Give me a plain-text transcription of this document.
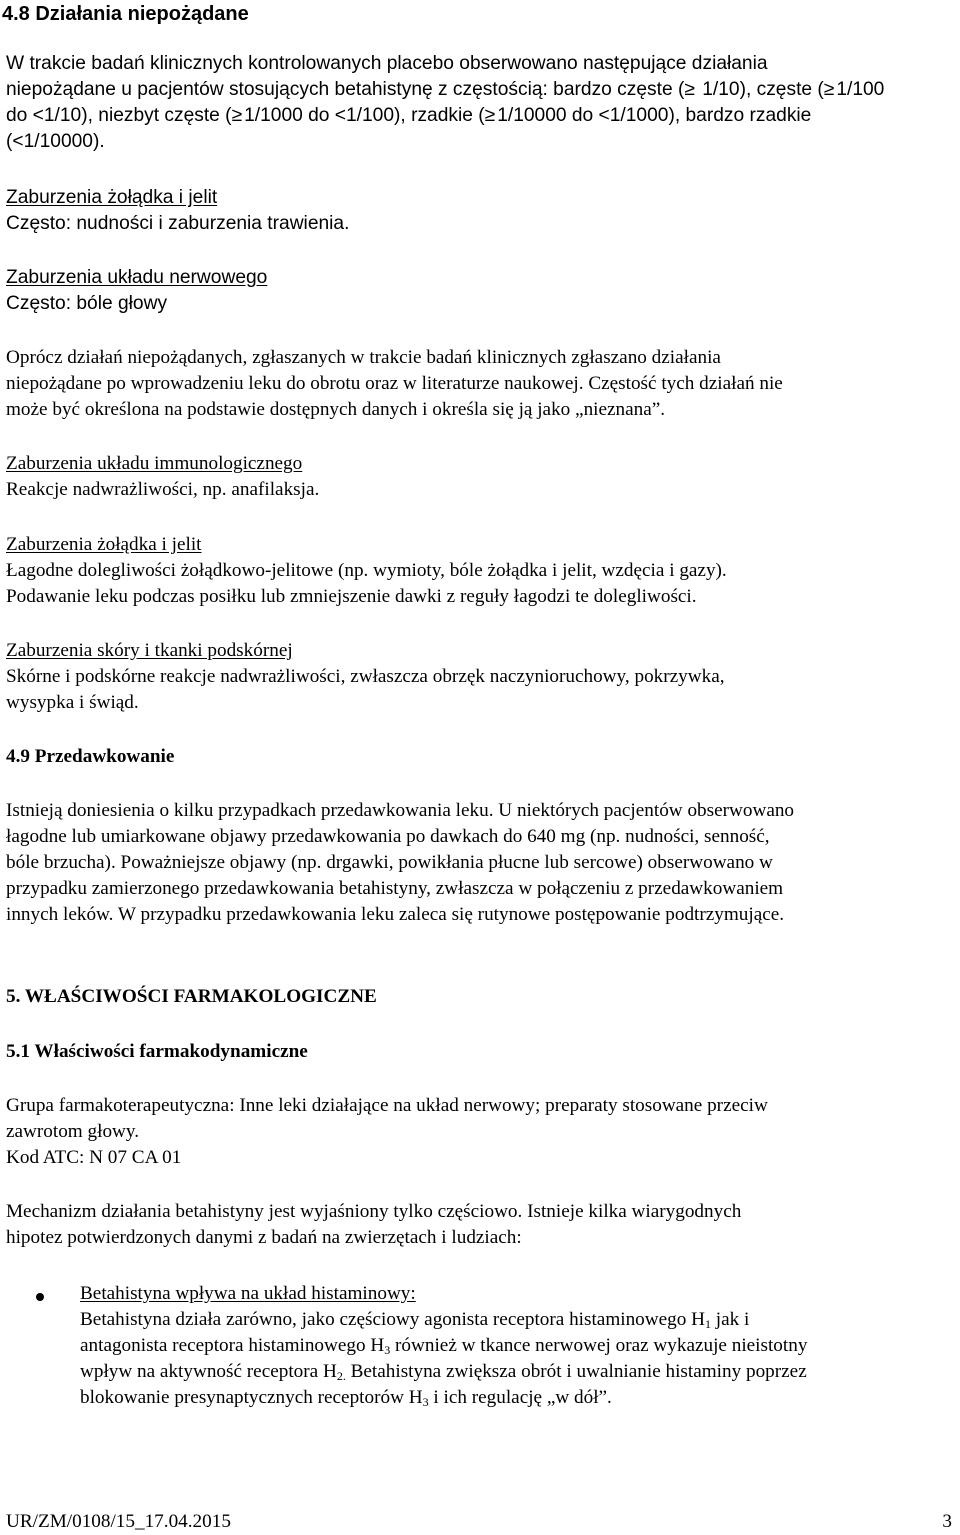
4.8 Działania niepożądane
W trakcie badań klinicznych kontrolowanych placebo obserwowano następujące działania
niepożądane u pacjentów stosujących betahistynę z częstością: bardzo częste (≥ 1/10), częste (≥ 1/100
do <1/10), niezbyt częste (≥ 1/1000 do <1/100), rzadkie (≥ 1/10000 do <1/1000), bardzo rzadkie
(<1/10000).
Zaburzenia żołądka i jelit
Często: nudności i zaburzenia trawienia.
Zaburzenia układu nerwowego
Często: bóle głowy
Oprócz działań niepożądanych, zgłaszanych w trakcie badań klinicznych zgłaszano działania
niepożądane po wprowadzeniu leku do obrotu oraz w literaturze naukowej. Częstość tych działań nie
może być określona na podstawie dostępnych danych i określa się ją jako „nieznana”.
Zaburzenia układu immunologicznego
Reakcje nadwrażliwości, np. anafilaksja.
Zaburzenia żołądka i jelit
Łagodne dolegliwości żołądkowo-jelitowe (np. wymioty, bóle żołądka i jelit, wzdęcia i gazy).
Podawanie leku podczas posiłku lub zmniejszenie dawki z reguły łagodzi te dolegliwości.
Zaburzenia skóry i tkanki podskórnej
Skórne i podskórne reakcje nadwrażliwości, zwłaszcza obrzęk naczynioruchowy, pokrzywka,
wysypka i świąd.
4.9 Przedawkowanie
Istnieją doniesienia o kilku przypadkach przedawkowania leku. U niektórych pacjentów obserwowano
łagodne lub umiarkowane objawy przedawkowania po dawkach do 640 mg (np. nudności, senność,
bóle brzucha). Poważniejsze objawy (np. drgawki, powikłania płucne lub sercowe) obserwowano w
przypadku zamierzonego przedawkowania betahistyny, zwłaszcza w połączeniu z przedawkowaniem
innych leków. W przypadku przedawkowania leku zaleca się rutynowe postępowanie podtrzymujące.
5. WŁAŚCIWOŚCI FARMAKOLOGICZNE
5.1 Właściwości farmakodynamiczne
Grupa farmakoterapeutyczna: Inne leki działające na układ nerwowy; preparaty stosowane przeciw
zawrotom głowy.
Kod ATC: N 07 CA 01
Mechanizm działania betahistyny jest wyjaśniony tylko częściowo. Istnieje kilka wiarygodnych
hipotez potwierdzonych danymi z badań na zwierzętach i ludziach:
Betahistyna wpływa na układ histaminowy:
Betahistyna działa zarówno, jako częściowy agonista receptora histaminowego $H_1$ jak i
antagonista receptora histaminowego $H_3$ również w tkance nerwowej oraz wykazuje nieistotny
wpływ na aktywność receptora $H_{2.}$ Betahistyna zwiększa obrót i uwalnianie histaminy poprzez
blokowanie presynaptycznych receptorów $H_3$ i ich regulację „w dół”.
UR/ZM/0108/15_17.04.2015	3
